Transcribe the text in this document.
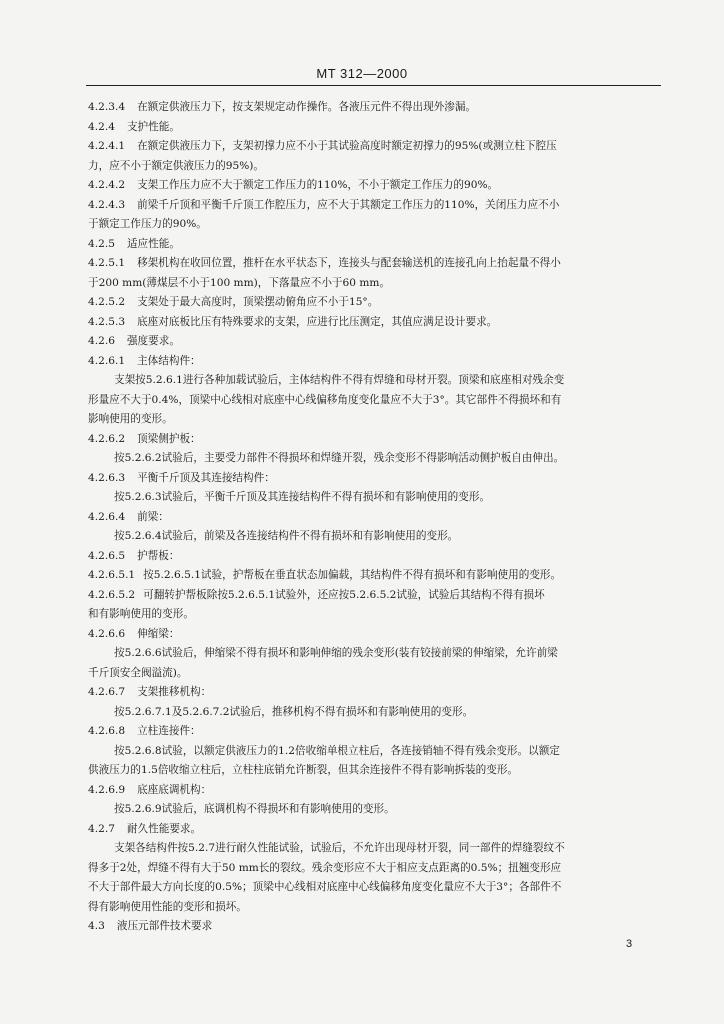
MT 312—2000
4.2.3.4 在额定供液压力下，按支架规定动作操作。各液压元件不得出现外渗漏。
4.2.4 支护性能。
4.2.4.1 在额定供液压力下，支架初撑力应不小于其试验高度时额定初撑力的95%(或测立柱下腔压
力，应不小于额定供液压力的95%)。
4.2.4.2 支架工作压力应不大于额定工作压力的110%，不小于额定工作压力的90%。
4.2.4.3 前梁千斤顶和平衡千斤顶工作腔压力，应不大于其额定工作压力的110%，关闭压力应不小
于额定工作压力的90%。
4.2.5 适应性能。
4.2.5.1 移架机构在收回位置，推杆在水平状态下，连接头与配套输送机的连接孔向上抬起量不得小
于200 mm(薄煤层不小于100 mm)，下落量应不小于60 mm。
4.2.5.2 支架处于最大高度时，顶梁摆动俯角应不小于15°。
4.2.5.3 底座对底板比压有特殊要求的支架，应进行比压测定，其值应满足设计要求。
4.2.6 强度要求。
4.2.6.1 主体结构件：
支架按5.2.6.1进行各种加载试验后，主体结构件不得有焊缝和母材开裂。顶梁和底座相对残余变
形量应不大于0.4%，顶梁中心线相对底座中心线偏移角度变化量应不大于3°。其它部件不得损坏和有
影响使用的变形。
4.2.6.2 顶梁侧护板：
按5.2.6.2试验后，主要受力部件不得损坏和焊缝开裂，残余变形不得影响活动侧护板自由伸出。
4.2.6.3 平衡千斤顶及其连接结构件：
按5.2.6.3试验后，平衡千斤顶及其连接结构件不得有损坏和有影响使用的变形。
4.2.6.4 前梁：
按5.2.6.4试验后，前梁及各连接结构件不得有损坏和有影响使用的变形。
4.2.6.5 护帮板：
4.2.6.5.1 按5.2.6.5.1试验，护帮板在垂直状态加偏载，其结构件不得有损坏和有影响使用的变形。
4.2.6.5.2 可翻转护帮板除按5.2.6.5.1试验外，还应按5.2.6.5.2试验，试验后其结构不得有损坏
和有影响使用的变形。
4.2.6.6 伸缩梁：
按5.2.6.6试验后，伸缩梁不得有损坏和影响伸缩的残余变形(装有铰接前梁的伸缩梁，允许前梁
千斤顶安全阀溢流)。
4.2.6.7 支架推移机构：
按5.2.6.7.1及5.2.6.7.2试验后，推移机构不得有损坏和有影响使用的变形。
4.2.6.8 立柱连接件：
按5.2.6.8试验，以额定供液压力的1.2倍收缩单根立柱后，各连接销轴不得有残余变形。以额定
供液压力的1.5倍收缩立柱后，立柱柱底销允许断裂，但其余连接件不得有影响拆装的变形。
4.2.6.9 底座底调机构：
按5.2.6.9试验后，底调机构不得损坏和有影响使用的变形。
4.2.7 耐久性能要求。
支架各结构件按5.2.7进行耐久性能试验，试验后，不允许出现母材开裂，同一部件的焊缝裂纹不
得多于2处，焊缝不得有大于50 mm长的裂纹。残余变形应不大于相应支点距离的0.5%；扭翘变形应
不大于部件最大方向长度的0.5%；顶梁中心线相对底座中心线偏移角度变化量应不大于3°；各部件不
得有影响使用性能的变形和损坏。
4.3 液压元部件技术要求
3
